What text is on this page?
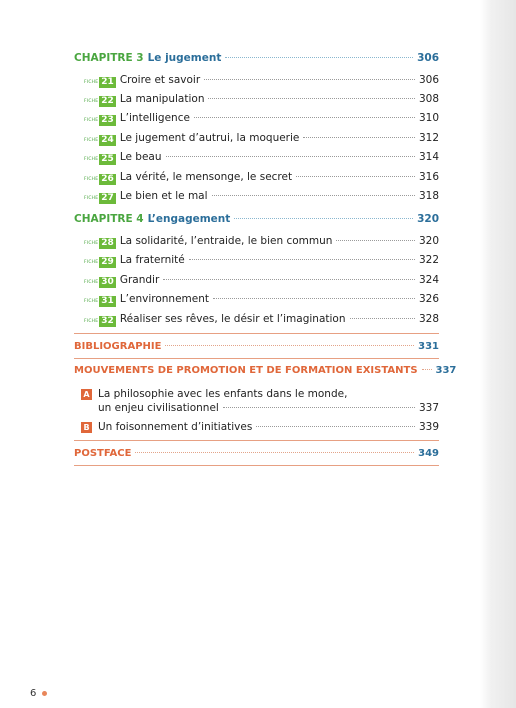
CHAPITRE 3 Le jugement	306
FICHE 21 Croire et savoir	306
FICHE 22 La manipulation	308
FICHE 23 L’intelligence	310
FICHE 24 Le jugement d’autrui, la moquerie	312
FICHE 25 Le beau	314
FICHE 26 La vérité, le mensonge, le secret	316
FICHE 27 Le bien et le mal	318
CHAPITRE 4 L’engagement	320
FICHE 28 La solidarité, l’entraide, le bien commun	320
FICHE 29 La fraternité	322
FICHE 30 Grandir	324
FICHE 31 L’environnement	326
FICHE 32 Réaliser ses rêves, le désir et l’imagination	328
BIBLIOGRAPHIE	331
MOUVEMENTS DE PROMOTION ET DE FORMATION EXISTANTS 337
A La philosophie avec les enfants dans le monde,
un enjeu civilisationnel	337
B Un foisonnement d’initiatives	339
POSTFACE	349
6
